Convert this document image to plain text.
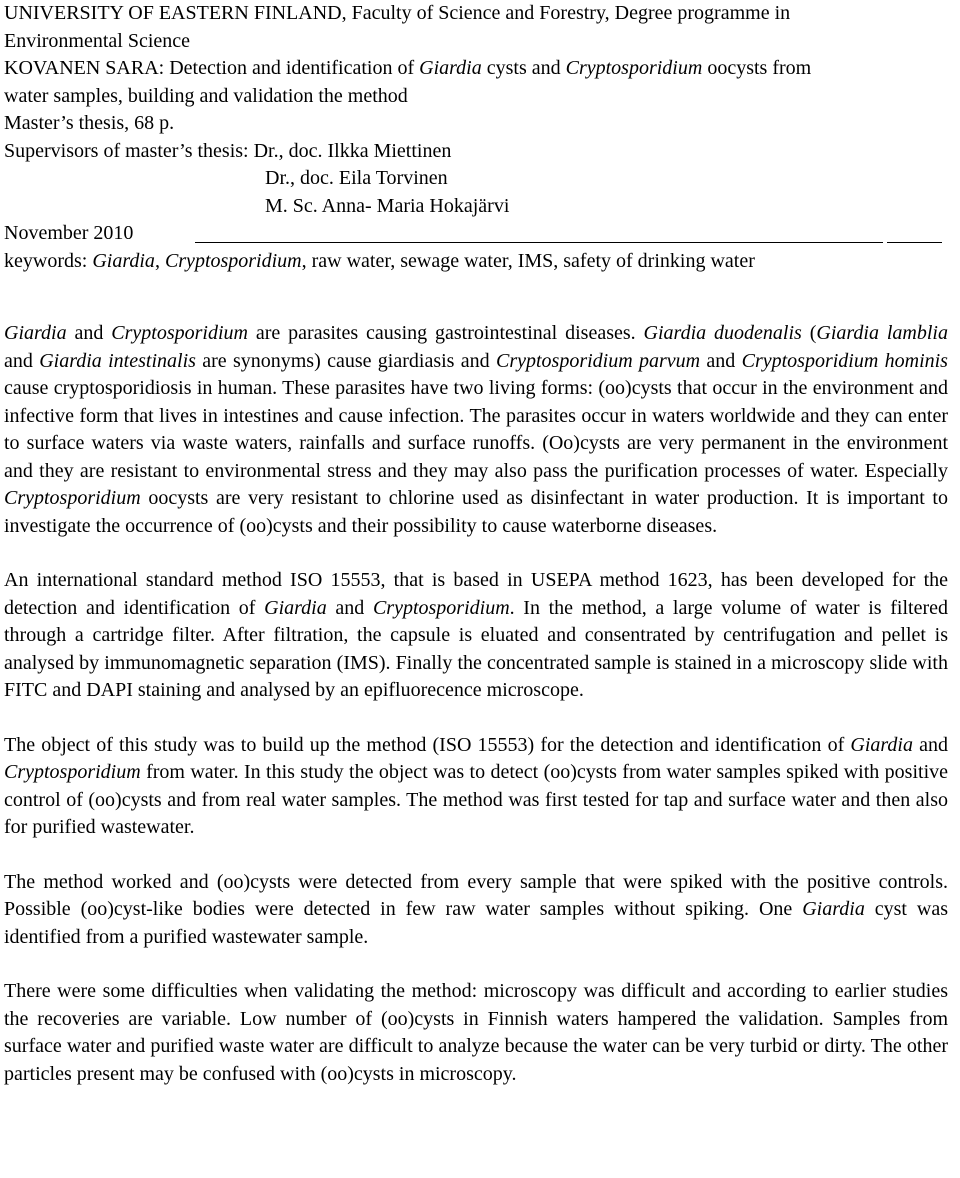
UNIVERSITY OF EASTERN FINLAND, Faculty of Science and Forestry, Degree programme in
Environmental Science
KOVANEN SARA: Detection and identification of Giardia cysts and Cryptosporidium oocysts from
water samples, building and validation the method
Master’s thesis, 68 p.
Supervisors of master’s thesis: Dr., doc. Ilkka Miettinen
Dr., doc. Eila Torvinen
M. Sc. Anna- Maria Hokajärvi
November 2010
keywords: Giardia, Cryptosporidium, raw water, sewage water, IMS, safety of drinking water

Giardia and Cryptosporidium are parasites causing gastrointestinal diseases. Giardia duodenalis (Giardia lamblia and Giardia intestinalis are synonyms) cause giardiasis and Cryptosporidium parvum and Cryptosporidium hominis cause cryptosporidiosis in human. These parasites have two living forms: (oo)cysts that occur in the environment and infective form that lives in intestines and cause infection. The parasites occur in waters worldwide and they can enter to surface waters via waste waters, rainfalls and surface runoffs. (Oo)cysts are very permanent in the environment and they are resistant to environmental stress and they may also pass the purification processes of water. Especially Cryptosporidium oocysts are very resistant to chlorine used as disinfectant in water production. It is important to investigate the occurrence of (oo)cysts and their possibility to cause waterborne diseases.

An international standard method ISO 15553, that is based in USEPA method 1623, has been developed for the detection and identification of Giardia and Cryptosporidium. In the method, a large volume of water is filtered through a cartridge filter. After filtration, the capsule is eluated and consentrated by centrifugation and pellet is analysed by immunomagnetic separation (IMS). Finally the concentrated sample is stained in a microscopy slide with FITC and DAPI staining and analysed by an epifluorecence microscope.

The object of this study was to build up the method (ISO 15553) for the detection and identification of Giardia and Cryptosporidium from water. In this study the object was to detect (oo)cysts from water samples spiked with positive control of (oo)cysts and from real water samples. The method was first tested for tap and surface water and then also for purified wastewater.

The method worked and (oo)cysts were detected from every sample that were spiked with the positive controls. Possible (oo)cyst-like bodies were detected in few raw water samples without spiking. One Giardia cyst was identified from a purified wastewater sample.

There were some difficulties when validating the method: microscopy was difficult and according to earlier studies the recoveries are variable. Low number of (oo)cysts in Finnish waters hampered the validation. Samples from surface water and purified waste water are difficult to analyze because the water can be very turbid or dirty. The other particles present may be confused with (oo)cysts in microscopy.
